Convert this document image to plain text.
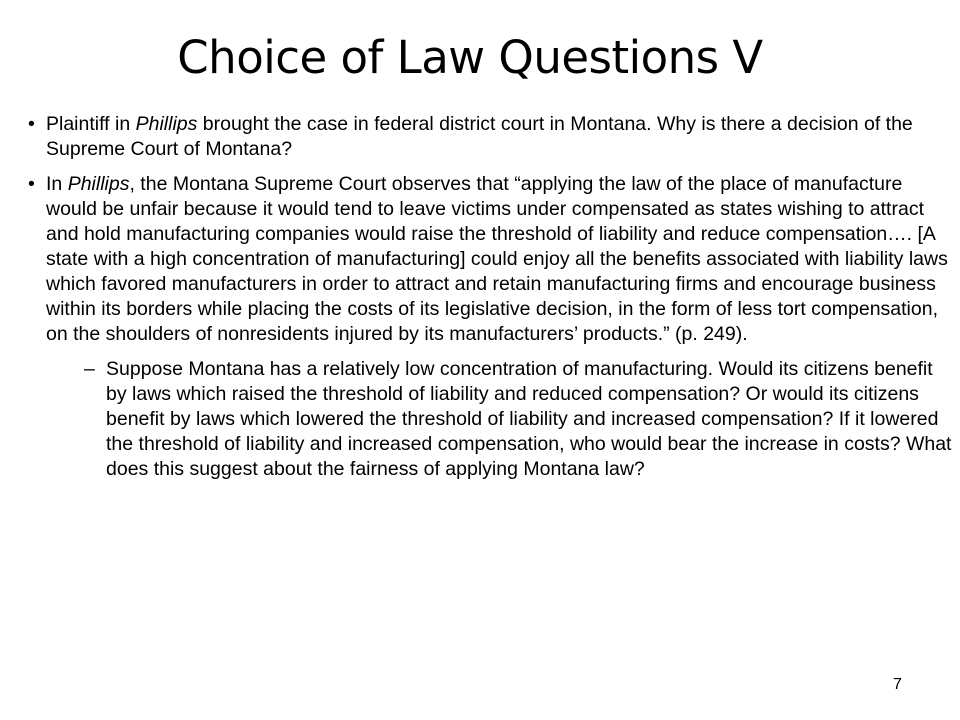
Choice of Law Questions V
• Plaintiff in Phillips brought the case in federal district court in Montana. Why is there a decision of the Supreme Court of Montana?
• In Phillips, the Montana Supreme Court observes that “applying the law of the place of manufacture would be unfair because it would tend to leave victims under compensated as states wishing to attract and hold manufacturing companies would raise the threshold of liability and reduce compensation…. [A state with a high concentration of manufacturing] could enjoy all the benefits associated with liability laws which favored manufacturers in order to attract and retain manufacturing firms and encourage business within its borders while placing the costs of its legislative decision, in the form of less tort compensation, on the shoulders of nonresidents injured by its manufacturers’ products.” (p. 249).
– Suppose Montana has a relatively low concentration of manufacturing. Would its citizens benefit by laws which raised the threshold of liability and reduced compensation? Or would its citizens benefit by laws which lowered the threshold of liability and increased compensation? If it lowered the threshold of liability and increased compensation, who would bear the increase in costs? What does this suggest about the fairness of applying Montana law?
7
